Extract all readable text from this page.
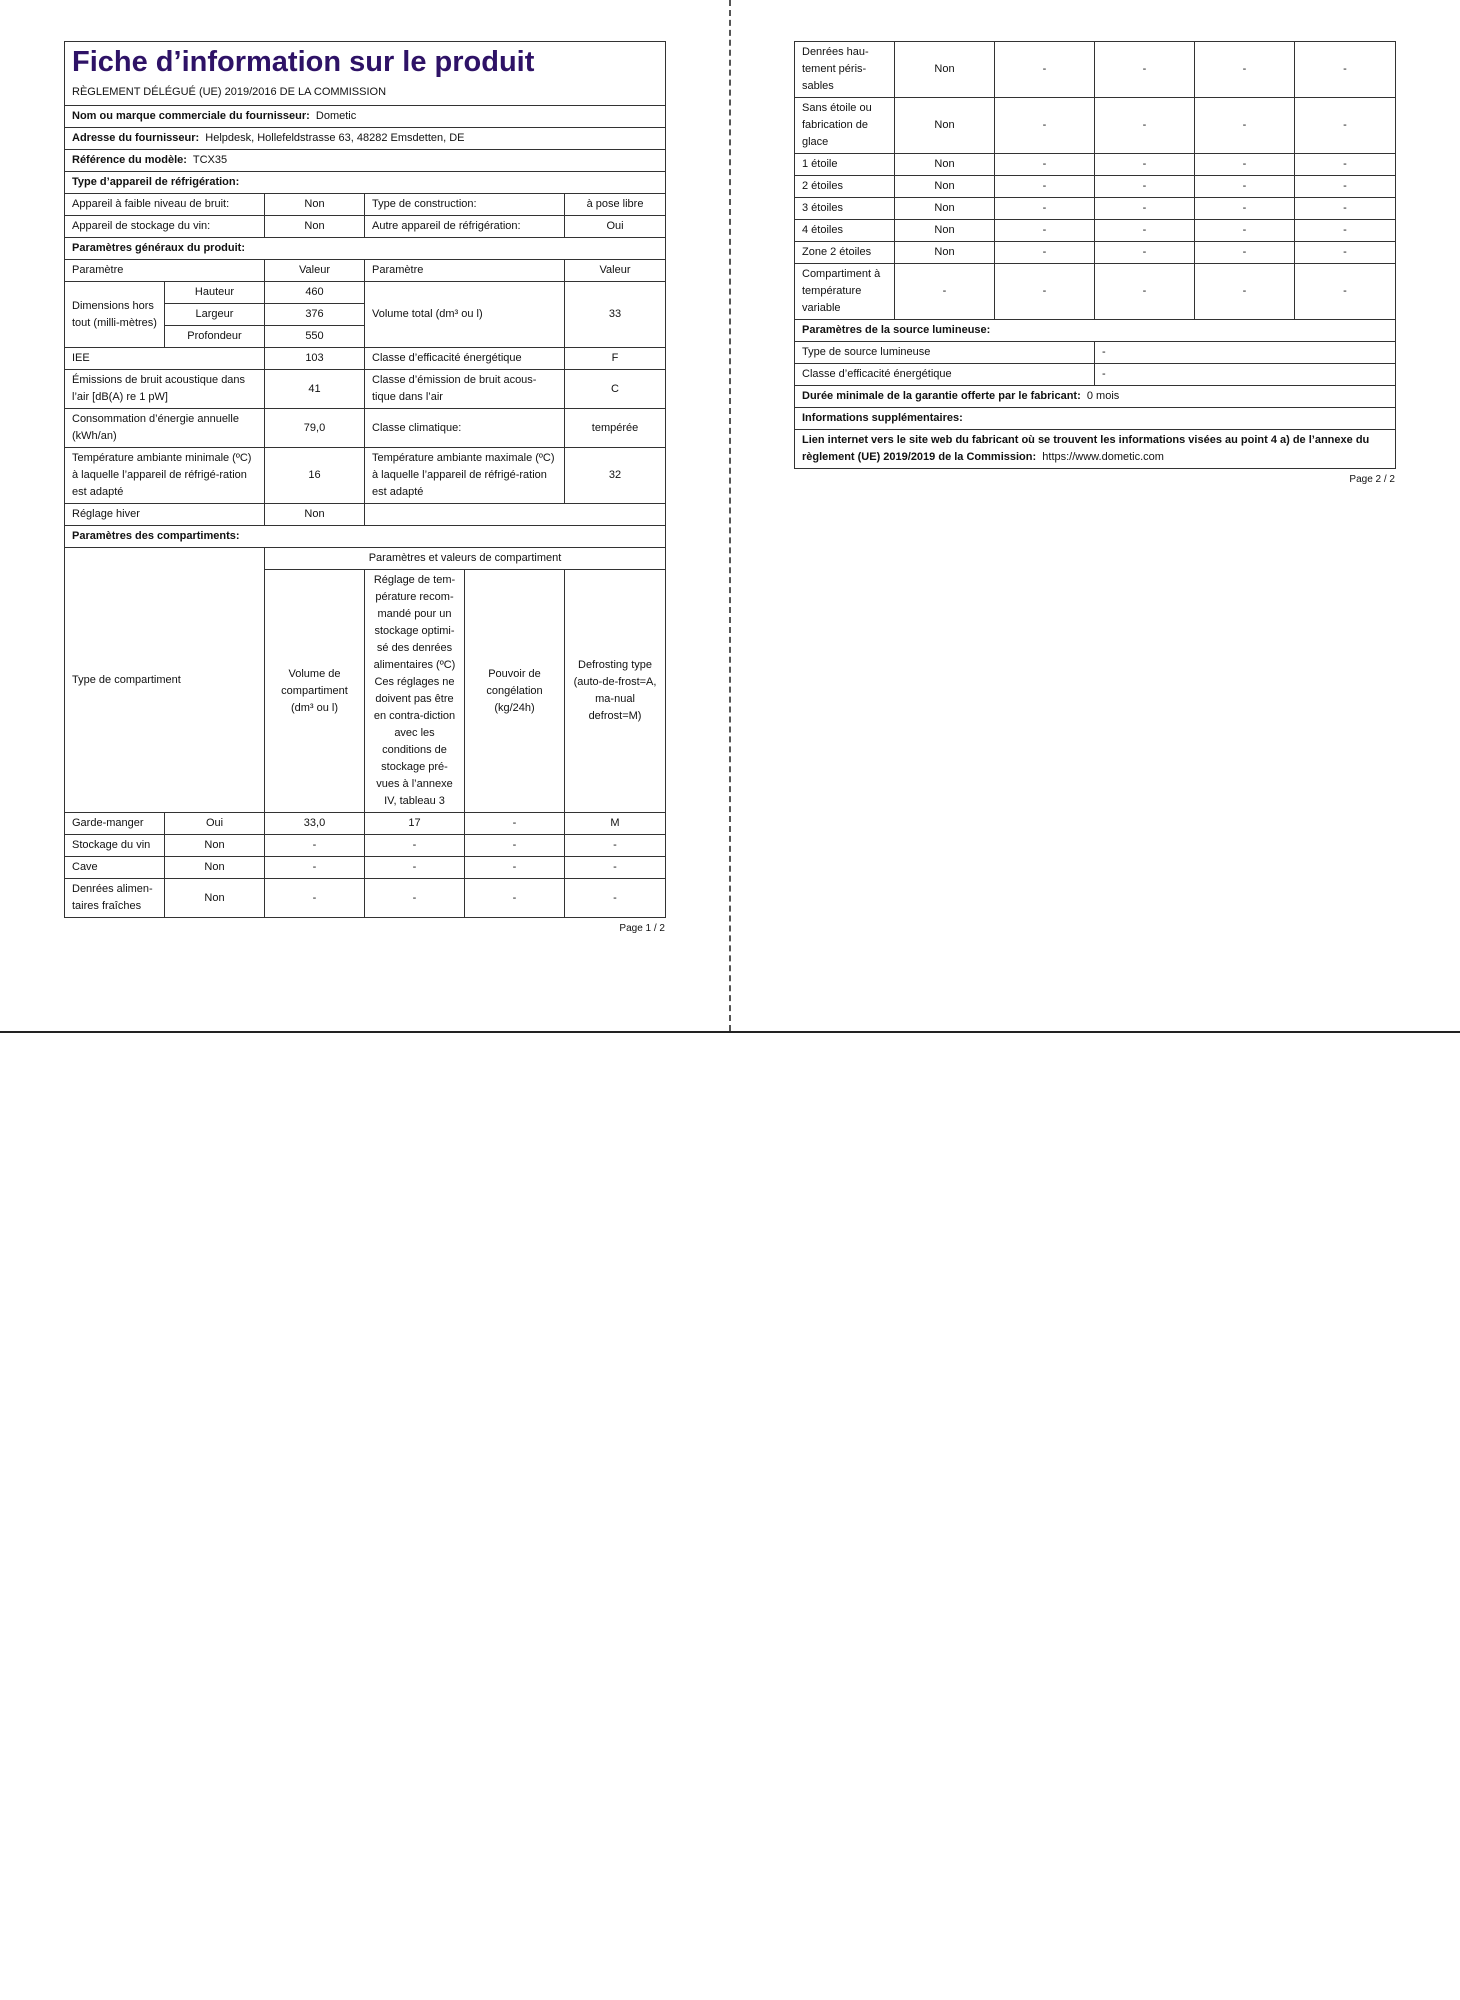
Fiche d’information sur le produit
RÈGLEMENT DÉLÉGUÉ (UE) 2019/2016 DE LA COMMISSION					

Nom ou marque commerciale du fournisseur: Dometic					
Adresse du fournisseur: Helpdesk, Hollefeldstrasse 63, 48282 Emsdetten, DE					
Référence du modèle: TCX35					
Type d’appareil de réfrigération:					
Appareil à faible niveau de bruit:		Non	Type de construction:		à pose libre
Appareil de stockage du vin:		Non	Autre appareil de réfrigération:		Oui
Paramètres généraux du produit:					
Paramètre		Valeur	Paramètre		Valeur
Dimensions hors tout (milli-mètres)	Hauteur	460	Volume total (dm³ ou l)		33
	Largeur	376			
	Profondeur	550			
IEE		103	Classe d’efficacité énergétique		F
Émissions de bruit acoustique dans l’air [dB(A) re 1 pW]		41	Classe d’émission de bruit acous-tique dans l’air		C
Consommation d’énergie annuelle (kWh/an)		79,0	Classe climatique:		tempérée
Température ambiante minimale (ºC) à laquelle l’appareil de réfrigé-ration est adapté		16	Température ambiante maximale (ºC) à laquelle l’appareil de réfrigé-ration est adapté		32
Réglage hiver		Non			
Paramètres des compartiments:					
Type de compartiment		Paramètres et valeurs de compartiment			
		Volume de compartiment (dm³ ou l)	Réglage de tem-pérature recom-mandé pour un stockage optimi-sé des denrées alimentaires (ºC) Ces réglages ne doivent pas être en contra-diction avec les conditions de stockage pré-vues à l’annexe IV, tableau 3	Pouvoir de congélation (kg/24h)	Defrosting type (auto-de-frost=A, ma-nual defrost=M)
Garde-manger	Oui	33,0	17	-	M
Stockage du vin	Non	-	-	-	-
Cave	Non	-	-	-	-
Denrées alimen-taires fraîches	Non	-	-	-	-
Page 1 / 2
Denrées hau-tement péris-sables	Non	-	-	-	-
Sans étoile ou fabrication de glace	Non	-	-	-	-
1 étoile	Non	-	-	-	-
2 étoiles	Non	-	-	-	-
3 étoiles	Non	-	-	-	-
4 étoiles	Non	-	-	-	-
Zone 2 étoiles	Non	-	-	-	-
Compartiment à température variable	-	-	-	-	-
Paramètres de la source lumineuse:					
Type de source lumineuse			-		
Classe d’efficacité énergétique			-		
Durée minimale de la garantie offerte par le fabricant: 0 mois					
Informations supplémentaires:					
Lien internet vers le site web du fabricant où se trouvent les informations visées au point 4 a) de l’annexe du règlement (UE) 2019/2019 de la Commission: https://www.dometic.com					
Page 2 / 2
